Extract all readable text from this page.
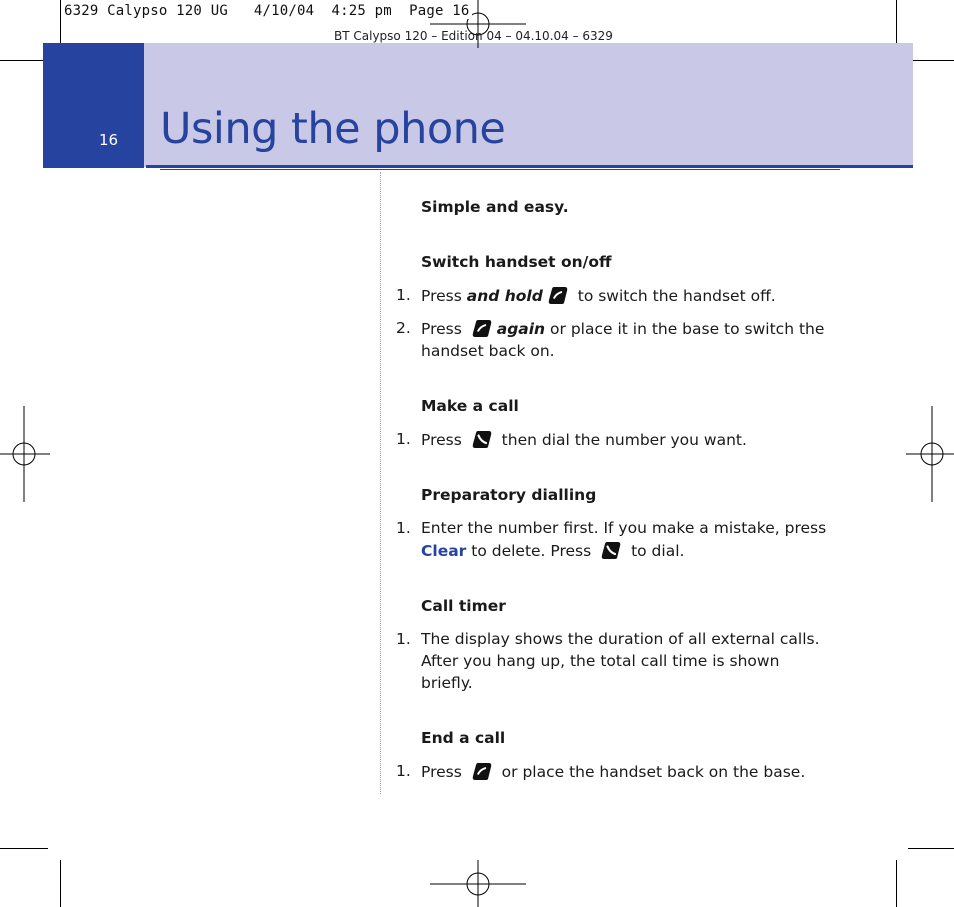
16 Using the phone
6329 Calypso 120 UG   4/10/04  4:25 pm  Page 16
BT Calypso 120 – Edition 04 – 04.10.04 – 6329
Simple and easy.
Switch handset on/off
1. Press and hold
to switch the handset off.
2. Press
again or place it in the base to switch the handset back on.
Make a call
1. Press
then dial the number you want.
Preparatory dialling
1. Enter the number first. If you make a mistake, press Clear to delete. Press
to dial.
Call timer
1. The display shows the duration of all external calls. After you hang up, the total call time is shown briefly.
End a call
1. Press
or place the handset back on the base.
